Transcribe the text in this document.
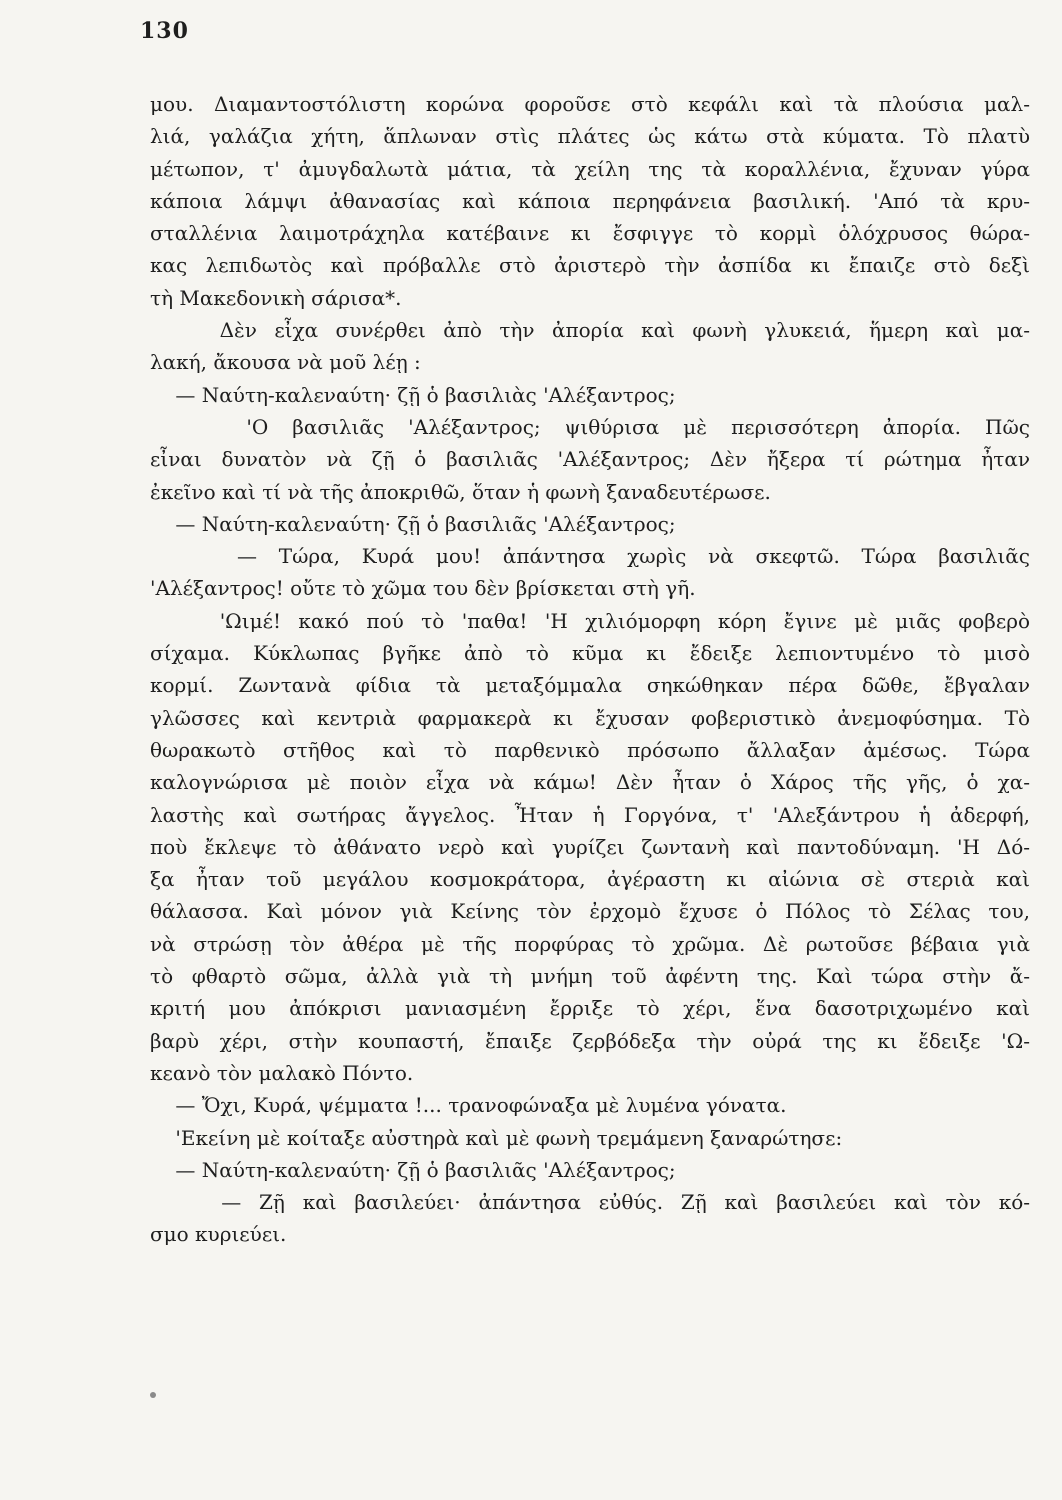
130
μου. Διαμαντοστόλιστη κορώνα φοροῦσε στὸ κεφάλι καὶ τὰ πλούσια μαλ-
λιά, γαλάζια χήτη, ἅπλωναν στὶς πλάτες ὡς κάτω στὰ κύματα. Τὸ πλατὺ
μέτωπον, τ' ἀμυγδαλωτὰ μάτια, τὰ χείλη της τὰ κοραλλένια, ἔχυναν γύρα
κάποια λάμψι ἀθανασίας καὶ κάποια περηφάνεια βασιλική. 'Από τὰ κρυ-
σταλλένια λαιμοτράχηλα κατέβαινε κι ἔσφιγγε τὸ κορμὶ ὁλόχρυσος θώρα-
κας λεπιδωτὸς καὶ πρόβαλλε στὸ ἀριστερὸ τὴν ἀσπίδα κι ἔπαιζε στὸ δεξὶ
τὴ Μακεδονικὴ σάρισα*.
Δὲν εἶχα συνέρθει ἀπὸ τὴν ἀπορία καὶ φωνὴ γλυκειά, ἥμερη καὶ μα-
λακή, ἄκουσα νὰ μοῦ λέῃ :
— Ναύτη-καλεναύτη· ζῇ ὁ βασιλιὰς 'Αλέξαντρος;
'Ο βασιλιᾶς 'Αλέξαντρος; ψιθύρισα μὲ περισσότερη ἀπορία. Πῶς
εἶναι δυνατὸν νὰ ζῇ ὁ βασιλιᾶς 'Αλέξαντρος; Δὲν ἤξερα τί ρώτημα ἦταν
ἐκεῖνο καὶ τί νὰ τῆς ἀποκριθῶ, ὅταν ἡ φωνὴ ξαναδευτέρωσε.
— Ναύτη-καλεναύτη· ζῇ ὁ βασιλιᾶς 'Αλέξαντρος;
— Τώρα, Κυρά μου! ἀπάντησα χωρὶς νὰ σκεφτῶ. Τώρα βασιλιᾶς
'Αλέξαντρος! οὔτε τὸ χῶμα του δὲν βρίσκεται στὴ γῆ.
'Ωιμέ! κακό πού τὸ 'παθα! 'Η χιλιόμορφη κόρη ἔγινε μὲ μιᾶς φοβερὸ
σίχαμα. Κύκλωπας βγῆκε ἀπὸ τὸ κῦμα κι ἔδειξε λεπιοντυμένο τὸ μισὸ
κορμί. Ζωντανὰ φίδια τὰ μεταξόμμαλα σηκώθηκαν πέρα δῶθε, ἔβγαλαν
γλῶσσες καὶ κεντριὰ φαρμακερὰ κι ἔχυσαν φοβεριστικὸ ἀνεμοφύσημα. Τὸ
θωρακωτὸ στῆθος καὶ τὸ παρθενικὸ πρόσωπο ἄλλαξαν ἀμέσως. Τώρα
καλογνώρισα μὲ ποιὸν εἶχα νὰ κάμω! Δὲν ἦταν ὁ Χάρος τῆς γῆς, ὁ χα-
λαστὴς καὶ σωτήρας ἄγγελος. Ἦταν ἡ Γοργόνα, τ' 'Αλεξάντρου ἡ ἀδερφή,
ποὺ ἔκλεψε τὸ ἀθάνατο νερὸ καὶ γυρίζει ζωντανὴ καὶ παντοδύναμη. 'Η Δό-
ξα ἦταν τοῦ μεγάλου κοσμοκράτορα, ἀγέραστη κι αἰώνια σὲ στεριὰ καὶ
θάλασσα. Καὶ μόνον γιὰ Κείνης τὸν ἐρχομὸ ἔχυσε ὁ Πόλος τὸ Σέλας του,
νὰ στρώσῃ τὸν ἀθέρα μὲ τῆς πορφύρας τὸ χρῶμα. Δὲ ρωτοῦσε βέβαια γιὰ
τὸ φθαρτὸ σῶμα, ἀλλὰ γιὰ τὴ μνήμη τοῦ ἀφέντη της. Καὶ τώρα στὴν ἄ-
κριτή μου ἀπόκρισι μανιασμένη ἔρριξε τὸ χέρι, ἕνα δασοτριχωμένο καὶ
βαρὺ χέρι, στὴν κουπαστή, ἔπαιξε ζερβόδεξα τὴν οὐρά της κι ἔδειξε 'Ω-
κεανὸ τὸν μαλακὸ Πόντο.
— Ὄχι, Κυρά, ψέμματα !... τρανοφώναξα μὲ λυμένα γόνατα.
'Εκείνη μὲ κοίταξε αὐστηρὰ καὶ μὲ φωνὴ τρεμάμενη ξαναρώτησε:
— Ναύτη-καλεναύτη· ζῇ ὁ βασιλιᾶς 'Αλέξαντρος;
— Ζῇ καὶ βασιλεύει· ἀπάντησα εὐθύς. Ζῇ καὶ βασιλεύει καὶ τὸν κό-
σμο κυριεύει.
